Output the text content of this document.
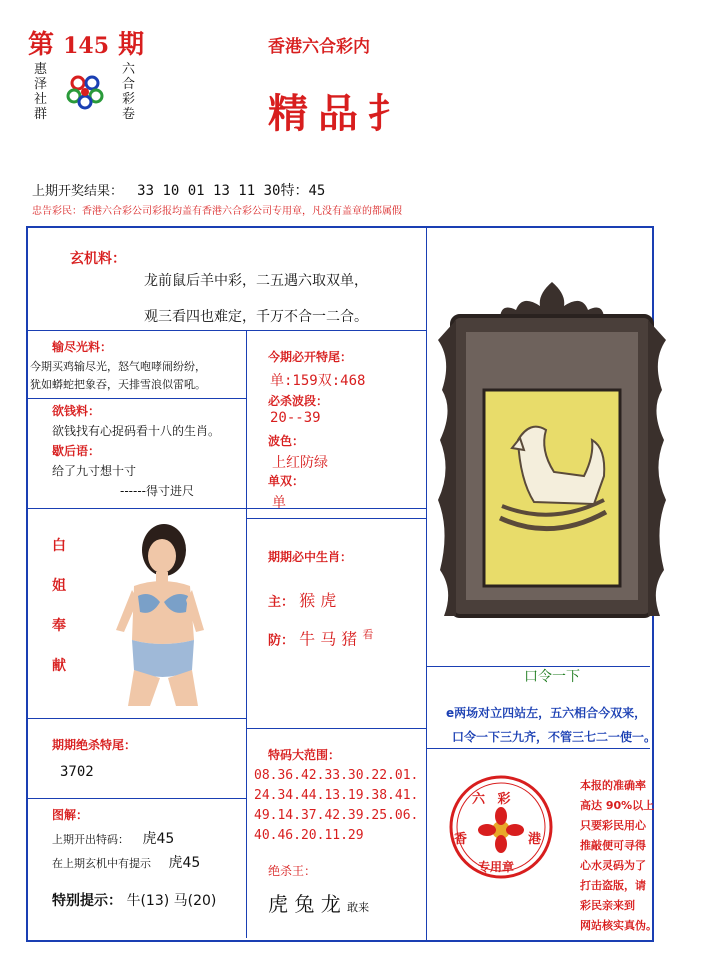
第 145 期
惠
泽
社
群
六
合
彩
卷
香港六合彩内
精品扌
上期开奖结果： 33 10 01 13 11 30特：45
忠告彩民：香港六合彩公司彩报均盖有香港六合彩公司专用章，凡没有盖章的都属假
玄机料：
龙前鼠后羊中彩，二五遇六取双单，
观三看四也难定，千万不合一二合。
输尽光料：
今期买鸡输尽光，怒气咆哮闹纷纷，
犹如蟒蛇把象吞，天排雪浪似雷吼。
欲钱料：
欲钱找有心捉码看十八的生肖。
歇后语：
给了九寸想十寸
------得寸进尺
今期必开特尾：
单:159双:468
必杀波段：
20--39
波色：
上红防绿
单双：
单
白
姐
奉
献
期期必中生肖：
主： 猴 虎
防： 牛 马 猪 $^看$
期期绝杀特尾：
3702
特码大范围：
08.36.42.33.30.22.01.
24.34.44.13.19.38.41.
49.14.37.42.39.25.06.
40.46.20.11.29
图解：
上期开出特码： 虎45
在上期玄机中有提示 虎45
特别提示： 牛(13) 马(20)
绝杀王：
虎 兔 龙 敢来
口令一下
e两场对立四站左，五六相合今双来，
口令一下三九齐，不管三七二一使一。
六 彩
香	港
专用章
本报的准确率
高达 90%以上
只要彩民用心
推敲便可寻得
心水灵码为了
打击盗版，请
彩民亲来到
网站核实真伪。
